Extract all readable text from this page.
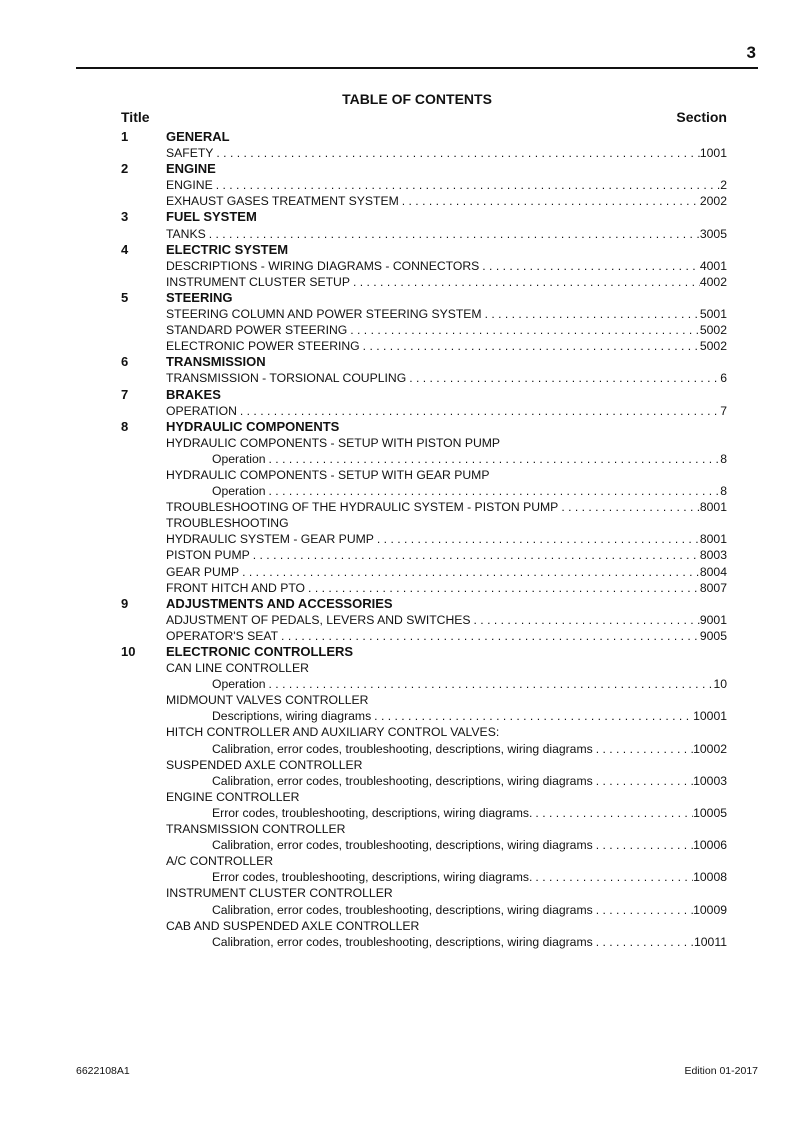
3
TABLE OF CONTENTS
Title	Section
1	GENERAL
SAFETY . . .	1001
2	ENGINE
ENGINE . . .	2
EXHAUST GASES TREATMENT SYSTEM . . .	2002
3	FUEL SYSTEM
TANKS . . .	3005
4	ELECTRIC SYSTEM
DESCRIPTIONS - WIRING DIAGRAMS - CONNECTORS . . .	4001
INSTRUMENT CLUSTER SETUP . . .	4002
5	STEERING
STEERING COLUMN AND POWER STEERING SYSTEM . . .	5001
STANDARD POWER STEERING . . .	5002
ELECTRONIC POWER STEERING . . .	5002
6	TRANSMISSION
TRANSMISSION - TORSIONAL COUPLING . . .	6
7	BRAKES
OPERATION . . .	7
8	HYDRAULIC COMPONENTS
HYDRAULIC COMPONENTS - SETUP WITH PISTON PUMP
Operation . . .	8
HYDRAULIC COMPONENTS - SETUP WITH GEAR PUMP
Operation . . .	8
TROUBLESHOOTING OF THE HYDRAULIC SYSTEM - PISTON PUMP . . .	8001
TROUBLESHOOTING
HYDRAULIC SYSTEM - GEAR PUMP . . .	8001
PISTON PUMP . . .	8003
GEAR PUMP . . .	8004
FRONT HITCH AND PTO . . .	8007
9	ADJUSTMENTS AND ACCESSORIES
ADJUSTMENT OF PEDALS, LEVERS AND SWITCHES . . .	9001
OPERATOR'S SEAT . . .	9005
10 ELECTRONIC CONTROLLERS
CAN LINE CONTROLLER
Operation . . .	10
MIDMOUNT VALVES CONTROLLER
Descriptions, wiring diagrams . . .	10001
HITCH CONTROLLER AND AUXILIARY CONTROL VALVES:
Calibration, error codes, troubleshooting, descriptions, wiring diagrams . . .	10002
SUSPENDED AXLE CONTROLLER
Calibration, error codes, troubleshooting, descriptions, wiring diagrams . . .	10003
ENGINE CONTROLLER
Error codes, troubleshooting, descriptions, wiring diagrams. . . .	10005
TRANSMISSION CONTROLLER
Calibration, error codes, troubleshooting, descriptions, wiring diagrams . . .	10006
A/C CONTROLLER
Error codes, troubleshooting, descriptions, wiring diagrams. . . .	10008
INSTRUMENT CLUSTER CONTROLLER
Calibration, error codes, troubleshooting, descriptions, wiring diagrams . . .	10009
CAB AND SUSPENDED AXLE CONTROLLER
Calibration, error codes, troubleshooting, descriptions, wiring diagrams . . .	10011
6622108A1	Edition 01-2017
